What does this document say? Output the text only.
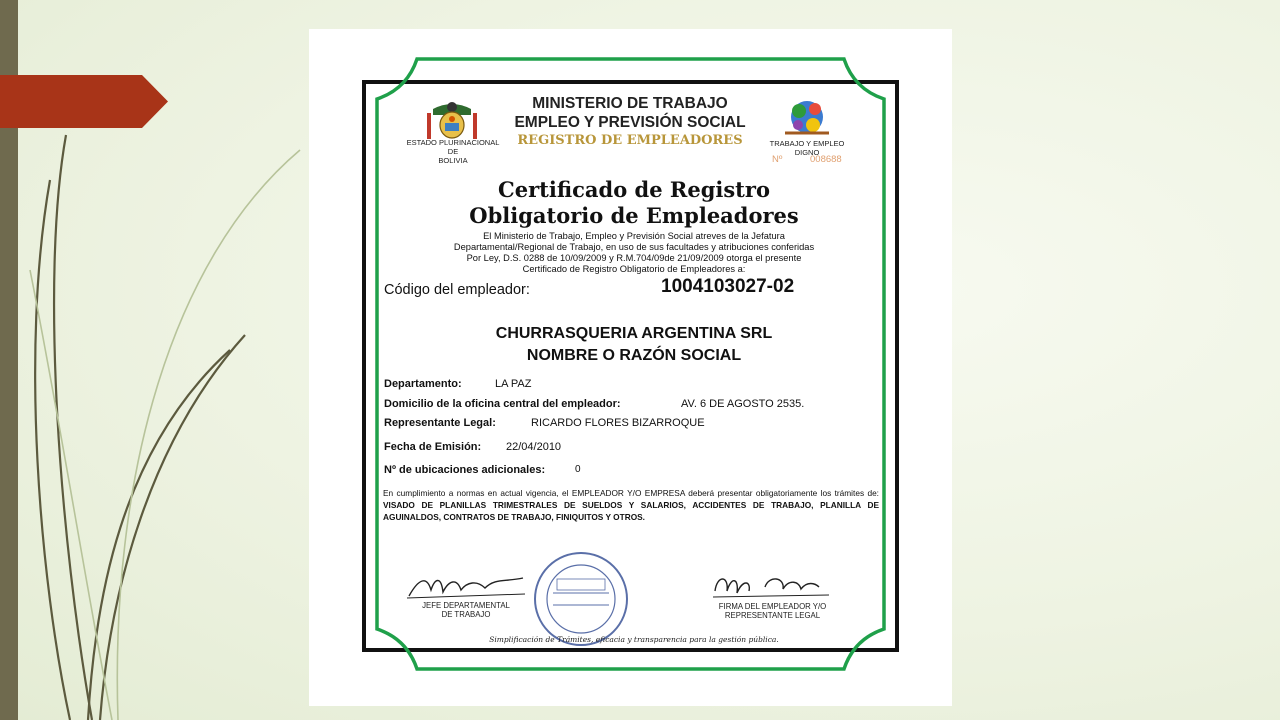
ESTADO PLURINACIONAL
DE
BOLIVIA
MINISTERIO DE TRABAJO
EMPLEO Y PREVISIÓN SOCIAL
REGISTRO DE EMPLEADORES	TRABAJO Y EMPLEO
DIGNO
Nº	008688
Certificado de Registro
Obligatorio de Empleadores
El Ministerio de Trabajo, Empleo y Previsión Social atreves de la Jefatura
Departamental/Regional de Trabajo, en uso de sus facultades y atribuciones conferidas
Por Ley, D.S. 0288 de 10/09/2009 y R.M.704/09de 21/09/2009 otorga el presente
Certificado de Registro Obligatorio de Empleadores a:
Código del empleador:	1004103027-02
CHURRASQUERIA ARGENTINA SRL
NOMBRE O RAZÓN SOCIAL
Departamento:	LA PAZ
Domicilio de la oficina central del empleador:	AV. 6 DE AGOSTO 2535.
Representante Legal:	RICARDO FLORES BIZARROQUE
Fecha de Emisión: 22/04/2010
Nº de ubicaciones adicionales:	0
En cumplimiento a normas en actual vigencia, el EMPLEADOR Y/O EMPRESA deberá presentar obligatoriamente los trámites de: VISADO DE PLANILLAS TRIMESTRALES DE SUELDOS Y SALARIOS, ACCIDENTES DE TRABAJO, PLANILLA DE AGUINALDOS, CONTRATOS DE TRABAJO, FINIQUITOS Y OTROS.
JEFE DEPARTAMENTAL
DE TRABAJO
FIRMA DEL EMPLEADOR Y/O
REPRESENTANTE LEGAL
Simplificación de Trámites, eficacia y transparencia para la gestión pública.
